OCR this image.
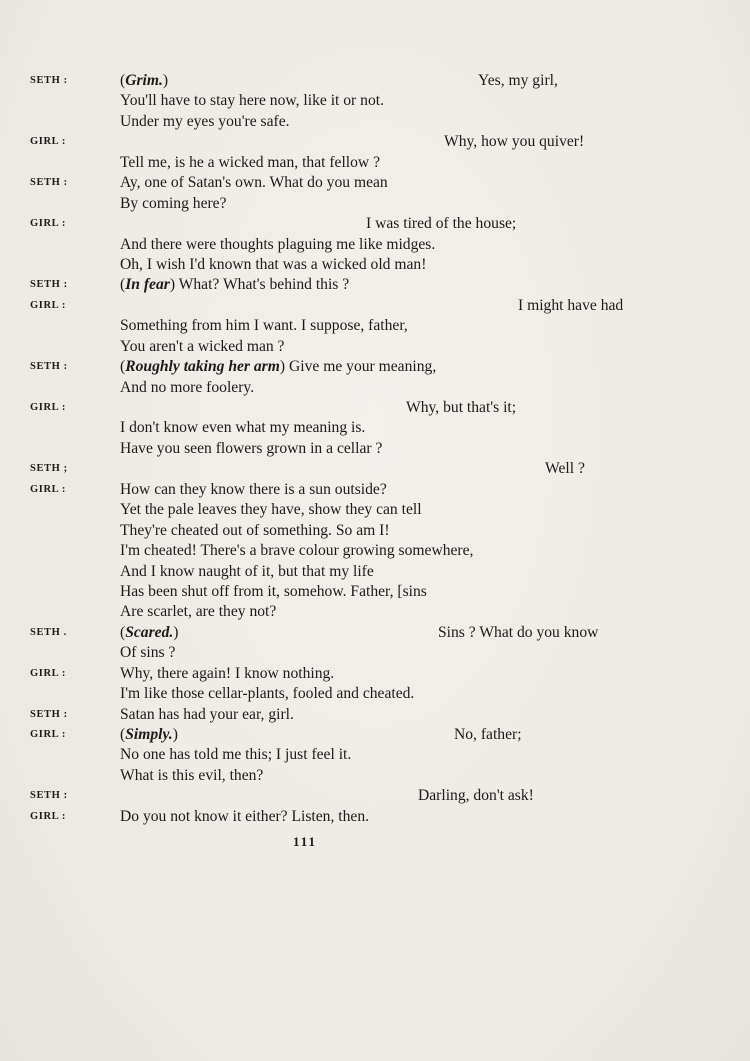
SETH :	(Grim.)	Yes, my girl,
You'll have to stay here now, like it or not.
Under my eyes you're safe.
GIRL :	Why, how you quiver!
Tell me, is he a wicked man, that fellow ?
SETH :	Ay, one of Satan's own. What do you mean
By coming here?
GIRL :	I was tired of the house;
And there were thoughts plaguing me like midges.
Oh, I wish I'd known that was a wicked old man!
SETH :	(In fear) What? What's behind this ?
GIRL :	I might have had
Something from him I want. I suppose, father,
You aren't a wicked man ?
SETH :	(Roughly taking her arm) Give me your meaning,
And no more foolery.
GIRL :	Why, but that's it;
I don't know even what my meaning is.
Have you seen flowers grown in a cellar ?
SETH ;	Well ?
GIRL :	How can they know there is a sun outside?
Yet the pale leaves they have, show they can tell
They're cheated out of something. So am I!
I'm cheated! There's a brave colour growing somewhere,
And I know naught of it, but that my life
Has been shut off from it, somehow. Father, [sins
Are scarlet, are they not?
SETH .	(Scared.)	Sins ? What do you know
Of sins ?
GIRL :	Why, there again! I know nothing.
I'm like those cellar-plants, fooled and cheated.
SETH :	Satan has had your ear, girl.
GIRL :	(Simply.)	No, father;
No one has told me this; I just feel it.
What is this evil, then?
SETH :	Darling, don't ask!
GIRL :	Do you not know it either? Listen, then.
111
